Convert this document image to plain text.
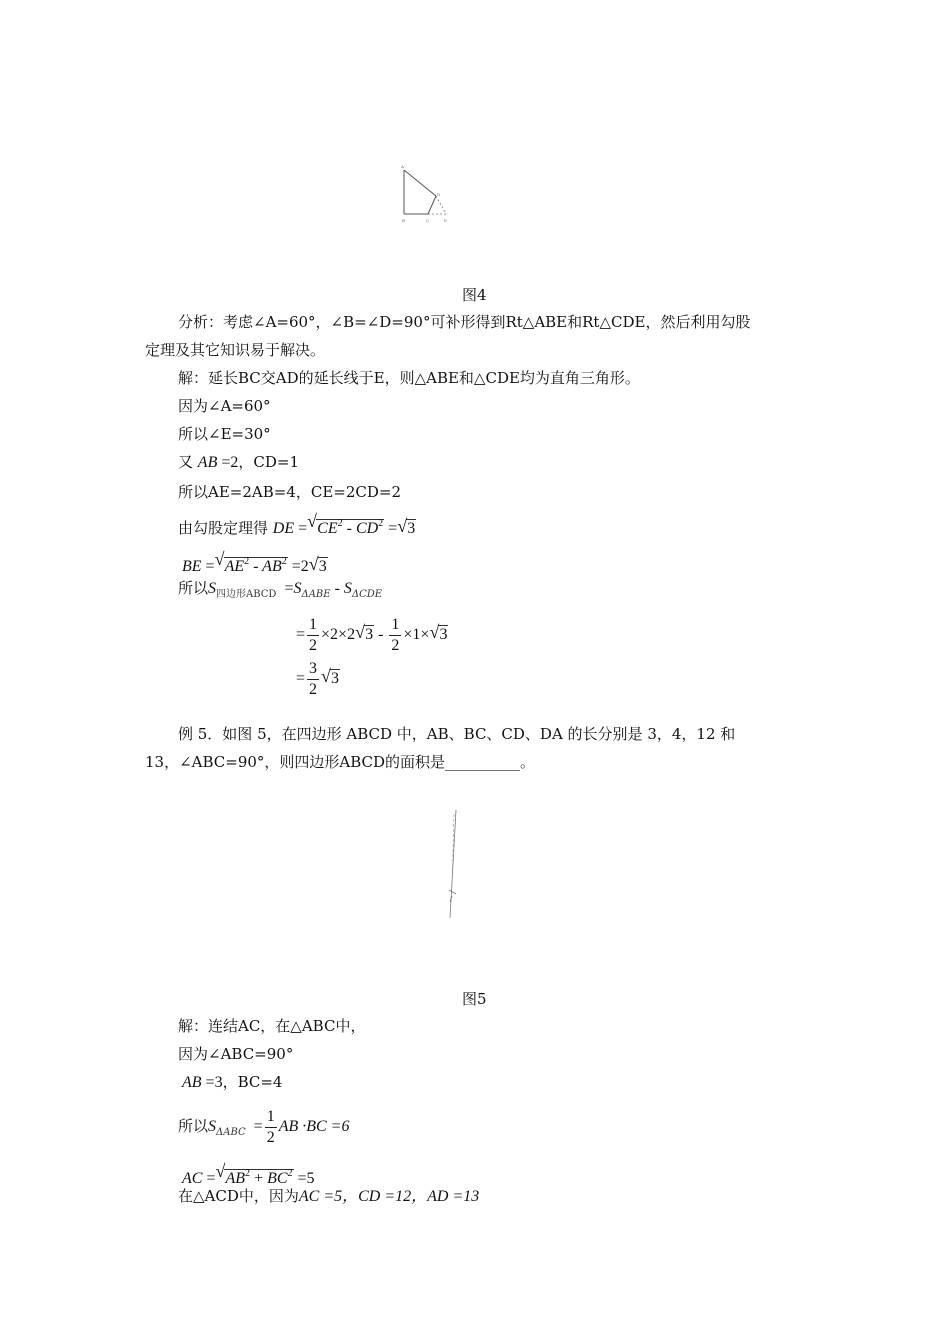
A
B	C
D
E
图4
分析：考虑∠A=60°，∠B=∠D=90°可补形得到Rt△ABE和Rt△CDE，然后利用勾股
定理及其它知识易于解决。
解：延长BC交AD的延长线于E，则△ABE和△CDE均为直角三角形。
因为∠A=60°
所以∠E=30°
又 AB =2，CD=1
所以AE=2AB=4，CE=2CD=2
由勾股定理得 DE =√ $CE^2 - CD^2$ =√ 3
BE =√ $AE^2 - AB^2 =2√$ 3
所以$S_{四边形ABCD} =S_{\Delta ABE} - S_{\Delta CDE}$
= $\frac{1}{2} \times 2\times 2√$ $3 - \frac{1}{2} \times 1\times√$ 3
= $\frac{3}{2}$
√ 3
例 5．如图 5，在四边形 ABCD 中，AB、BC、CD、DA 的长分别是 3，4，12 和
13，∠ABC=90°，则四边形ABCD的面积是__________。
图5
解：连结AC，在△ABC中，
因为∠ABC=90°
AB =3，BC=4
所以$S_{\Delta ABC} = \frac{1}{2}$ AB ·BC =6
AC =√ $AB^2 + BC^2 =5$
在△ACD中，因为AC =5，CD =12，AD =13
